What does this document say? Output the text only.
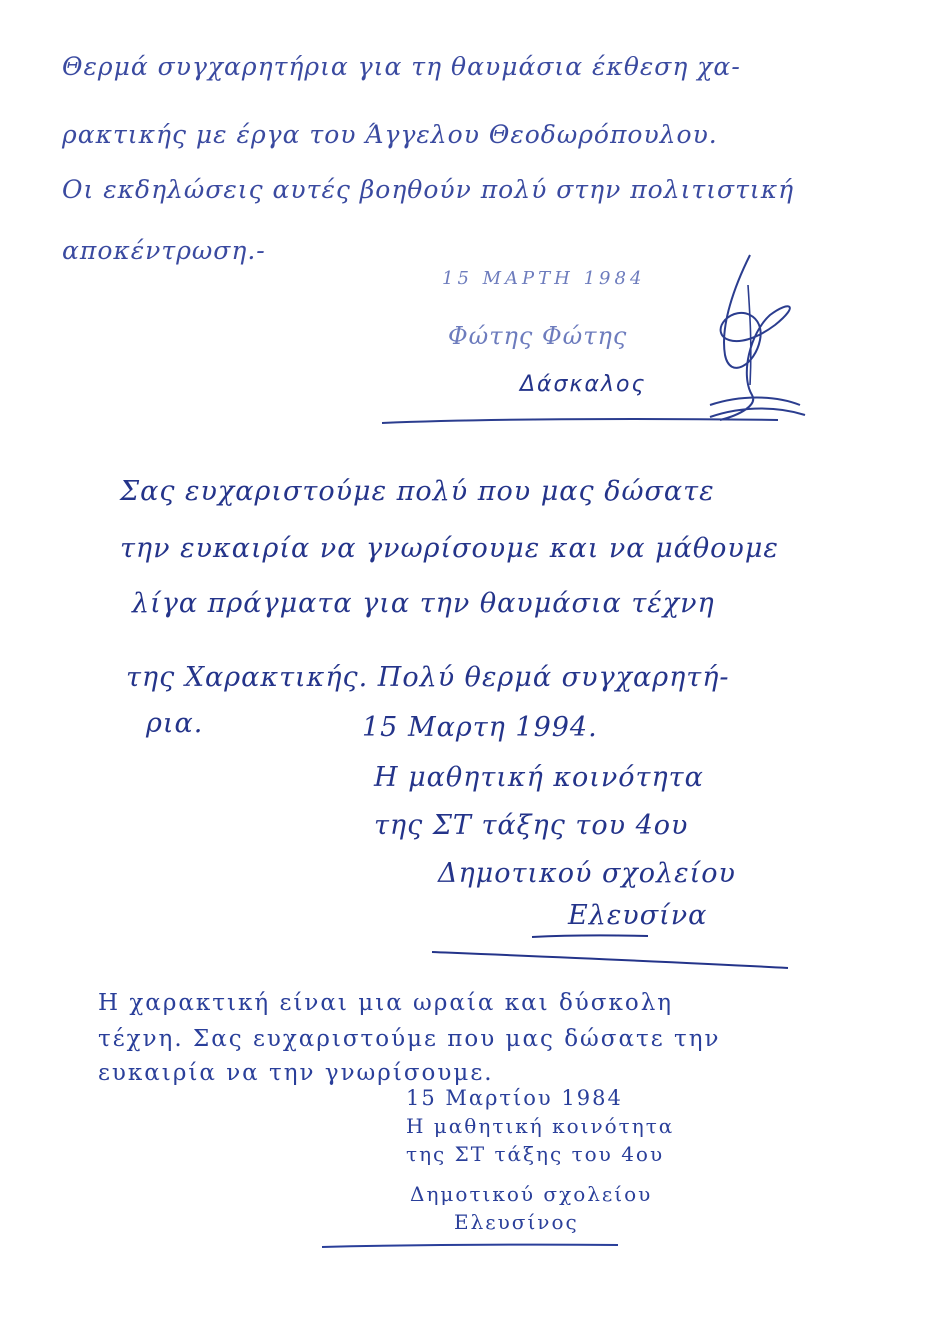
Θερμά συγχαρητήρια για τη θαυμάσια έκθεση χα-
ρακτικής με έργα του Άγγελου Θεοδωρόπουλου.
Οι εκδηλώσεις αυτές βοηθούν πολύ στην πολιτιστική
αποκέντρωση.-
15 ΜΑΡΤΗ 1984
Φώτης Φώτης
Δάσκαλος
Σας ευχαριστούμε πολύ που μας δώσατε
την ευκαιρία να γνωρίσουμε και να μάθουμε
λίγα πράγματα για την θαυμάσια τέχνη
της Χαρακτικής. Πολύ θερμά συγχαρητή-
ρια.	15 Μαρτη 1994.
Η μαθητική κοινότητα
της ΣΤ τάξης του 4ου
Δημοτικού σχολείου
Ελευσίνα
Η χαρακτική είναι μια ωραία και δύσκολη
τέχνη. Σας ευχαριστούμε που μας δώσατε την
ευκαιρία να την γνωρίσουμε.
15 Μαρτίου 1984
Η μαθητική κοινότητα
της ΣΤ τάξης του 4ου
Δημοτικού σχολείου
Ελευσίνος
